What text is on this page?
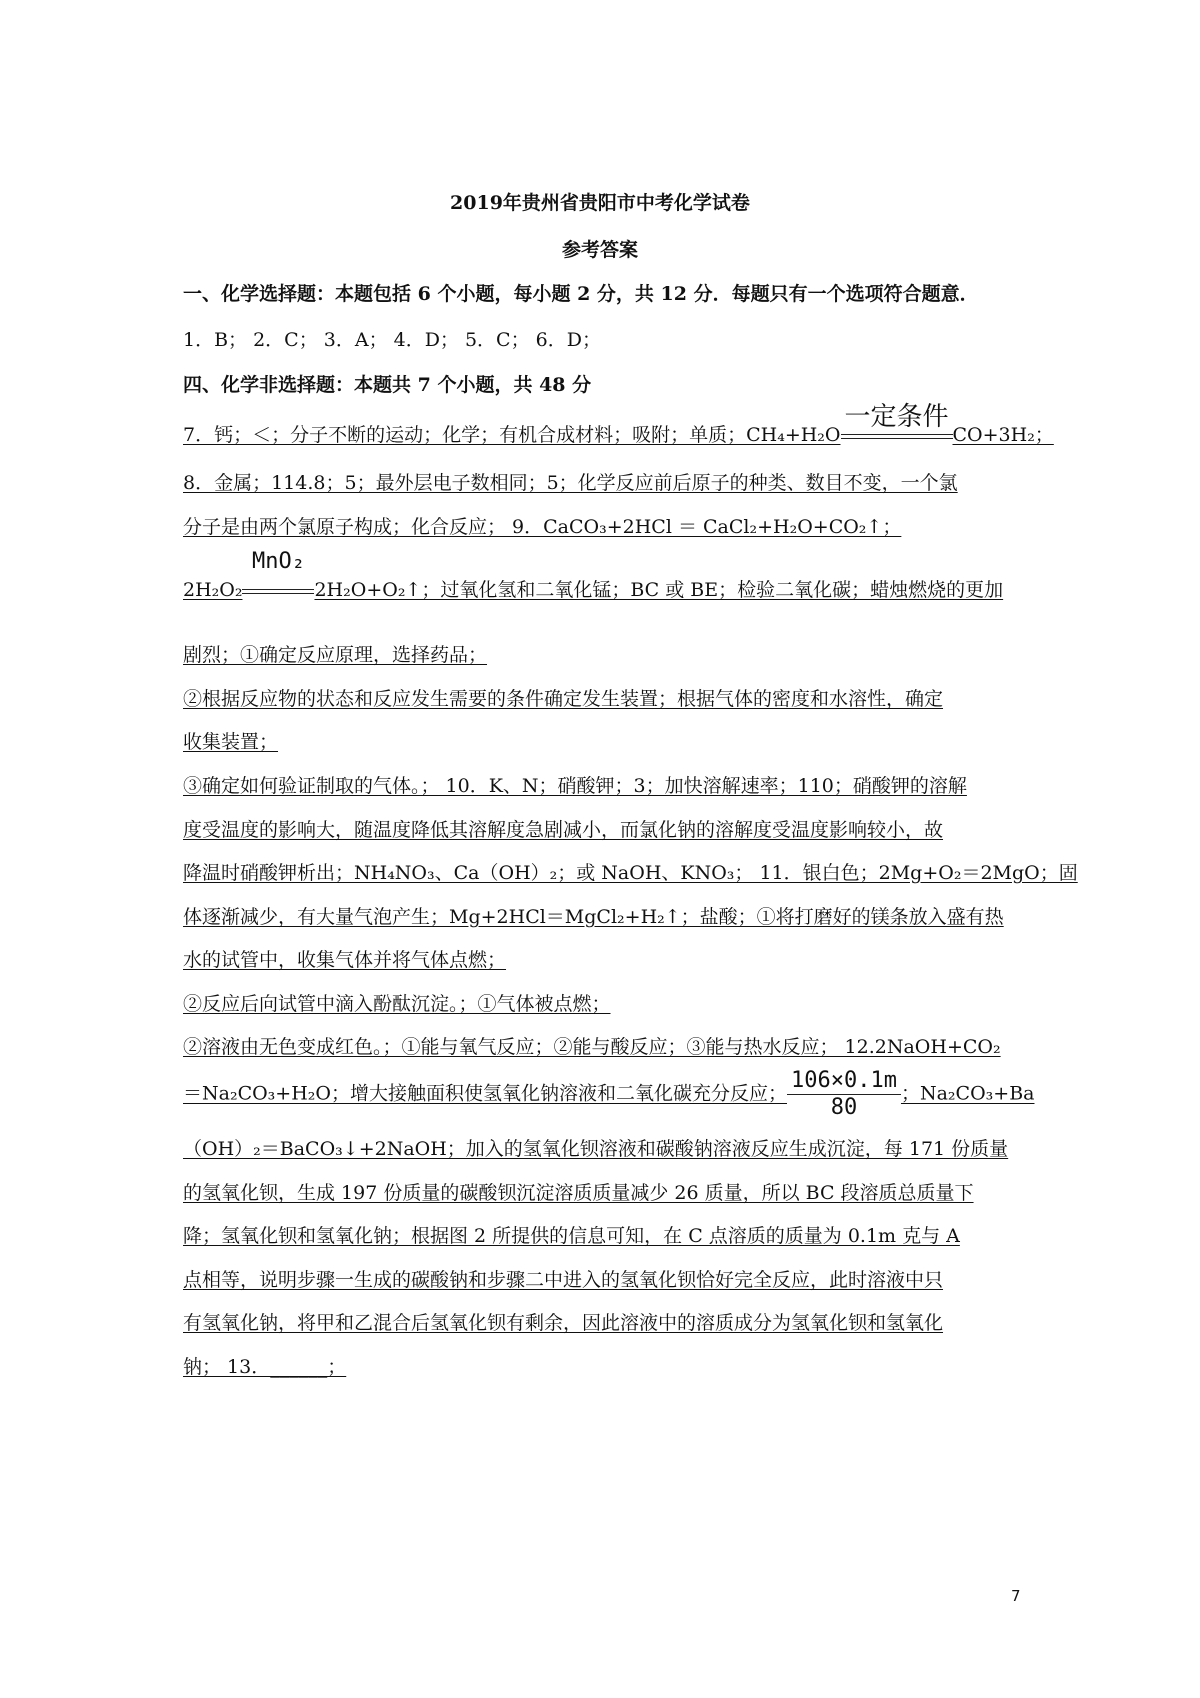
2019年贵州省贵阳市中考化学试卷
参考答案
一、化学选择题：本题包括 6 个小题，每小题 2 分，共 12 分．每题只有一个选项符合题意．
1．B； 2．C； 3．A； 4．D； 5．C； 6．D；
四、化学非选择题：本题共 7 个小题，共 48 分
7．钙；＜；分子不断的运动；化学；有机合成材料；吸附；单质；CH₄+H₂O
一定条件
CO+3H₂；
8．金属；114.8；5；最外层电子数相同；5；化学反应前后原子的种类、数目不变，一个氯
分子是由两个氯原子构成；化合反应； 9．CaCO₃+2HCl ＝ CaCl₂+H₂O+CO₂↑；
2H₂O₂
MnO₂
2H₂O+O₂↑；过氧化氢和二氧化锰；BC 或 BE；检验二氧化碳；蜡烛燃烧的更加
剧烈；①确定反应原理，选择药品；
②根据反应物的状态和反应发生需要的条件确定发生装置；根据气体的密度和水溶性，确定
收集装置；
③确定如何验证制取的气体。； 10．K、N；硝酸钾；3；加快溶解速率；110；硝酸钾的溶解
度受温度的影响大，随温度降低其溶解度急剧减小，而氯化钠的溶解度受温度影响较小，故
降温时硝酸钾析出；NH₄NO₃、Ca（OH）₂；或 NaOH、KNO₃； 11．银白色；2Mg+O₂＝2MgO；固
体逐渐减少，有大量气泡产生；Mg+2HCl＝MgCl₂+H₂↑；盐酸；①将打磨好的镁条放入盛有热
水的试管中，收集气体并将气体点燃；
②反应后向试管中滴入酚酞沉淀。；①气体被点燃；
②溶液由无色变成红色。；①能与氧气反应；②能与酸反应；③能与热水反应； 12.2NaOH+CO₂
＝Na₂CO₃+H₂O；增大接触面积使氢氧化钠溶液和二氧化碳充分反应； $\frac{106\times 0.1m}{80}$ ；Na₂CO₃+Ba
（OH）₂＝BaCO₃↓+2NaOH；加入的氢氧化钡溶液和碳酸钠溶液反应生成沉淀，每 171 份质量
的氢氧化钡，生成 197 份质量的碳酸钡沉淀溶质质量减少 26 质量，所以 BC 段溶质总质量下
降；氢氧化钡和氢氧化钠；根据图 2 所提供的信息可知，在 C 点溶质的质量为 0.1m 克与 A
点相等，说明步骤一生成的碳酸钠和步骤二中进入的氢氧化钡恰好完全反应，此时溶液中只
有氢氧化钠，将甲和乙混合后氢氧化钡有剩余，因此溶液中的溶质成分为氢氧化钡和氢氧化
钠； 13．______；
7
